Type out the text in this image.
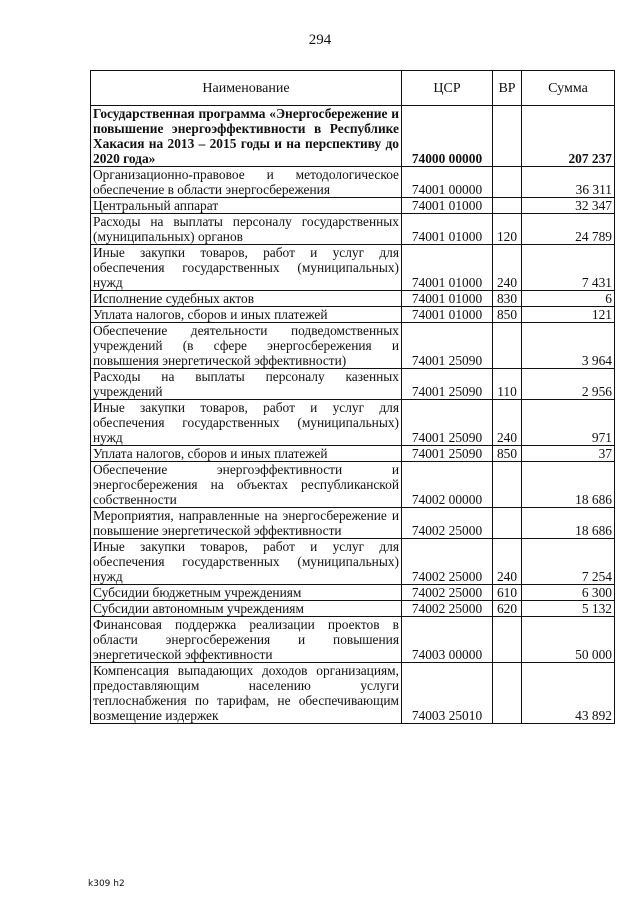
294
Наименование	ЦСР	ВР	Сумма
Государственная программа «Энергосбережение и повышение энергоэффективности в Республике Хакасия на 2013 – 2015 годы и на перспективу до 2020 года»	74000 00000		207 237
Организационно-правовое и методологическое обеспечение в области энергосбережения	74001 00000		36 311
Центральный аппарат	74001 01000		32 347
Расходы на выплаты персоналу государственных (муниципальных) органов	74001 01000	120	24 789
Иные закупки товаров, работ и услуг для обеспечения государственных (муниципальных) нужд	74001 01000	240	7 431
Исполнение судебных актов	74001 01000	830	6
Уплата налогов, сборов и иных платежей	74001 01000	850	121
Обеспечение деятельности подведомственных учреждений (в сфере энергосбережения и повышения энергетической эффективности)	74001 25090		3 964
Расходы на выплаты персоналу казенных учреждений	74001 25090	110	2 956
Иные закупки товаров, работ и услуг для обеспечения государственных (муниципальных) нужд	74001 25090	240	971
Уплата налогов, сборов и иных платежей	74001 25090	850	37
Обеспечение энергоэффективности и энергосбережения на объектах республиканской собственности	74002 00000		18 686
Мероприятия, направленные на энергосбережение и повышение энергетической эффективности	74002 25000		18 686
Иные закупки товаров, работ и услуг для обеспечения государственных (муниципальных) нужд	74002 25000	240	7 254
Субсидии бюджетным учреждениям	74002 25000	610	6 300
Субсидии автономным учреждениям	74002 25000	620	5 132
Финансовая поддержка реализации проектов в области энергосбережения и повышения энергетической эффективности	74003 00000		50 000
Компенсация выпадающих доходов организациям, предоставляющим населению услуги теплоснабжения по тарифам, не обеспечивающим возмещение издержек	74003 25010		43 892
k309 h2
